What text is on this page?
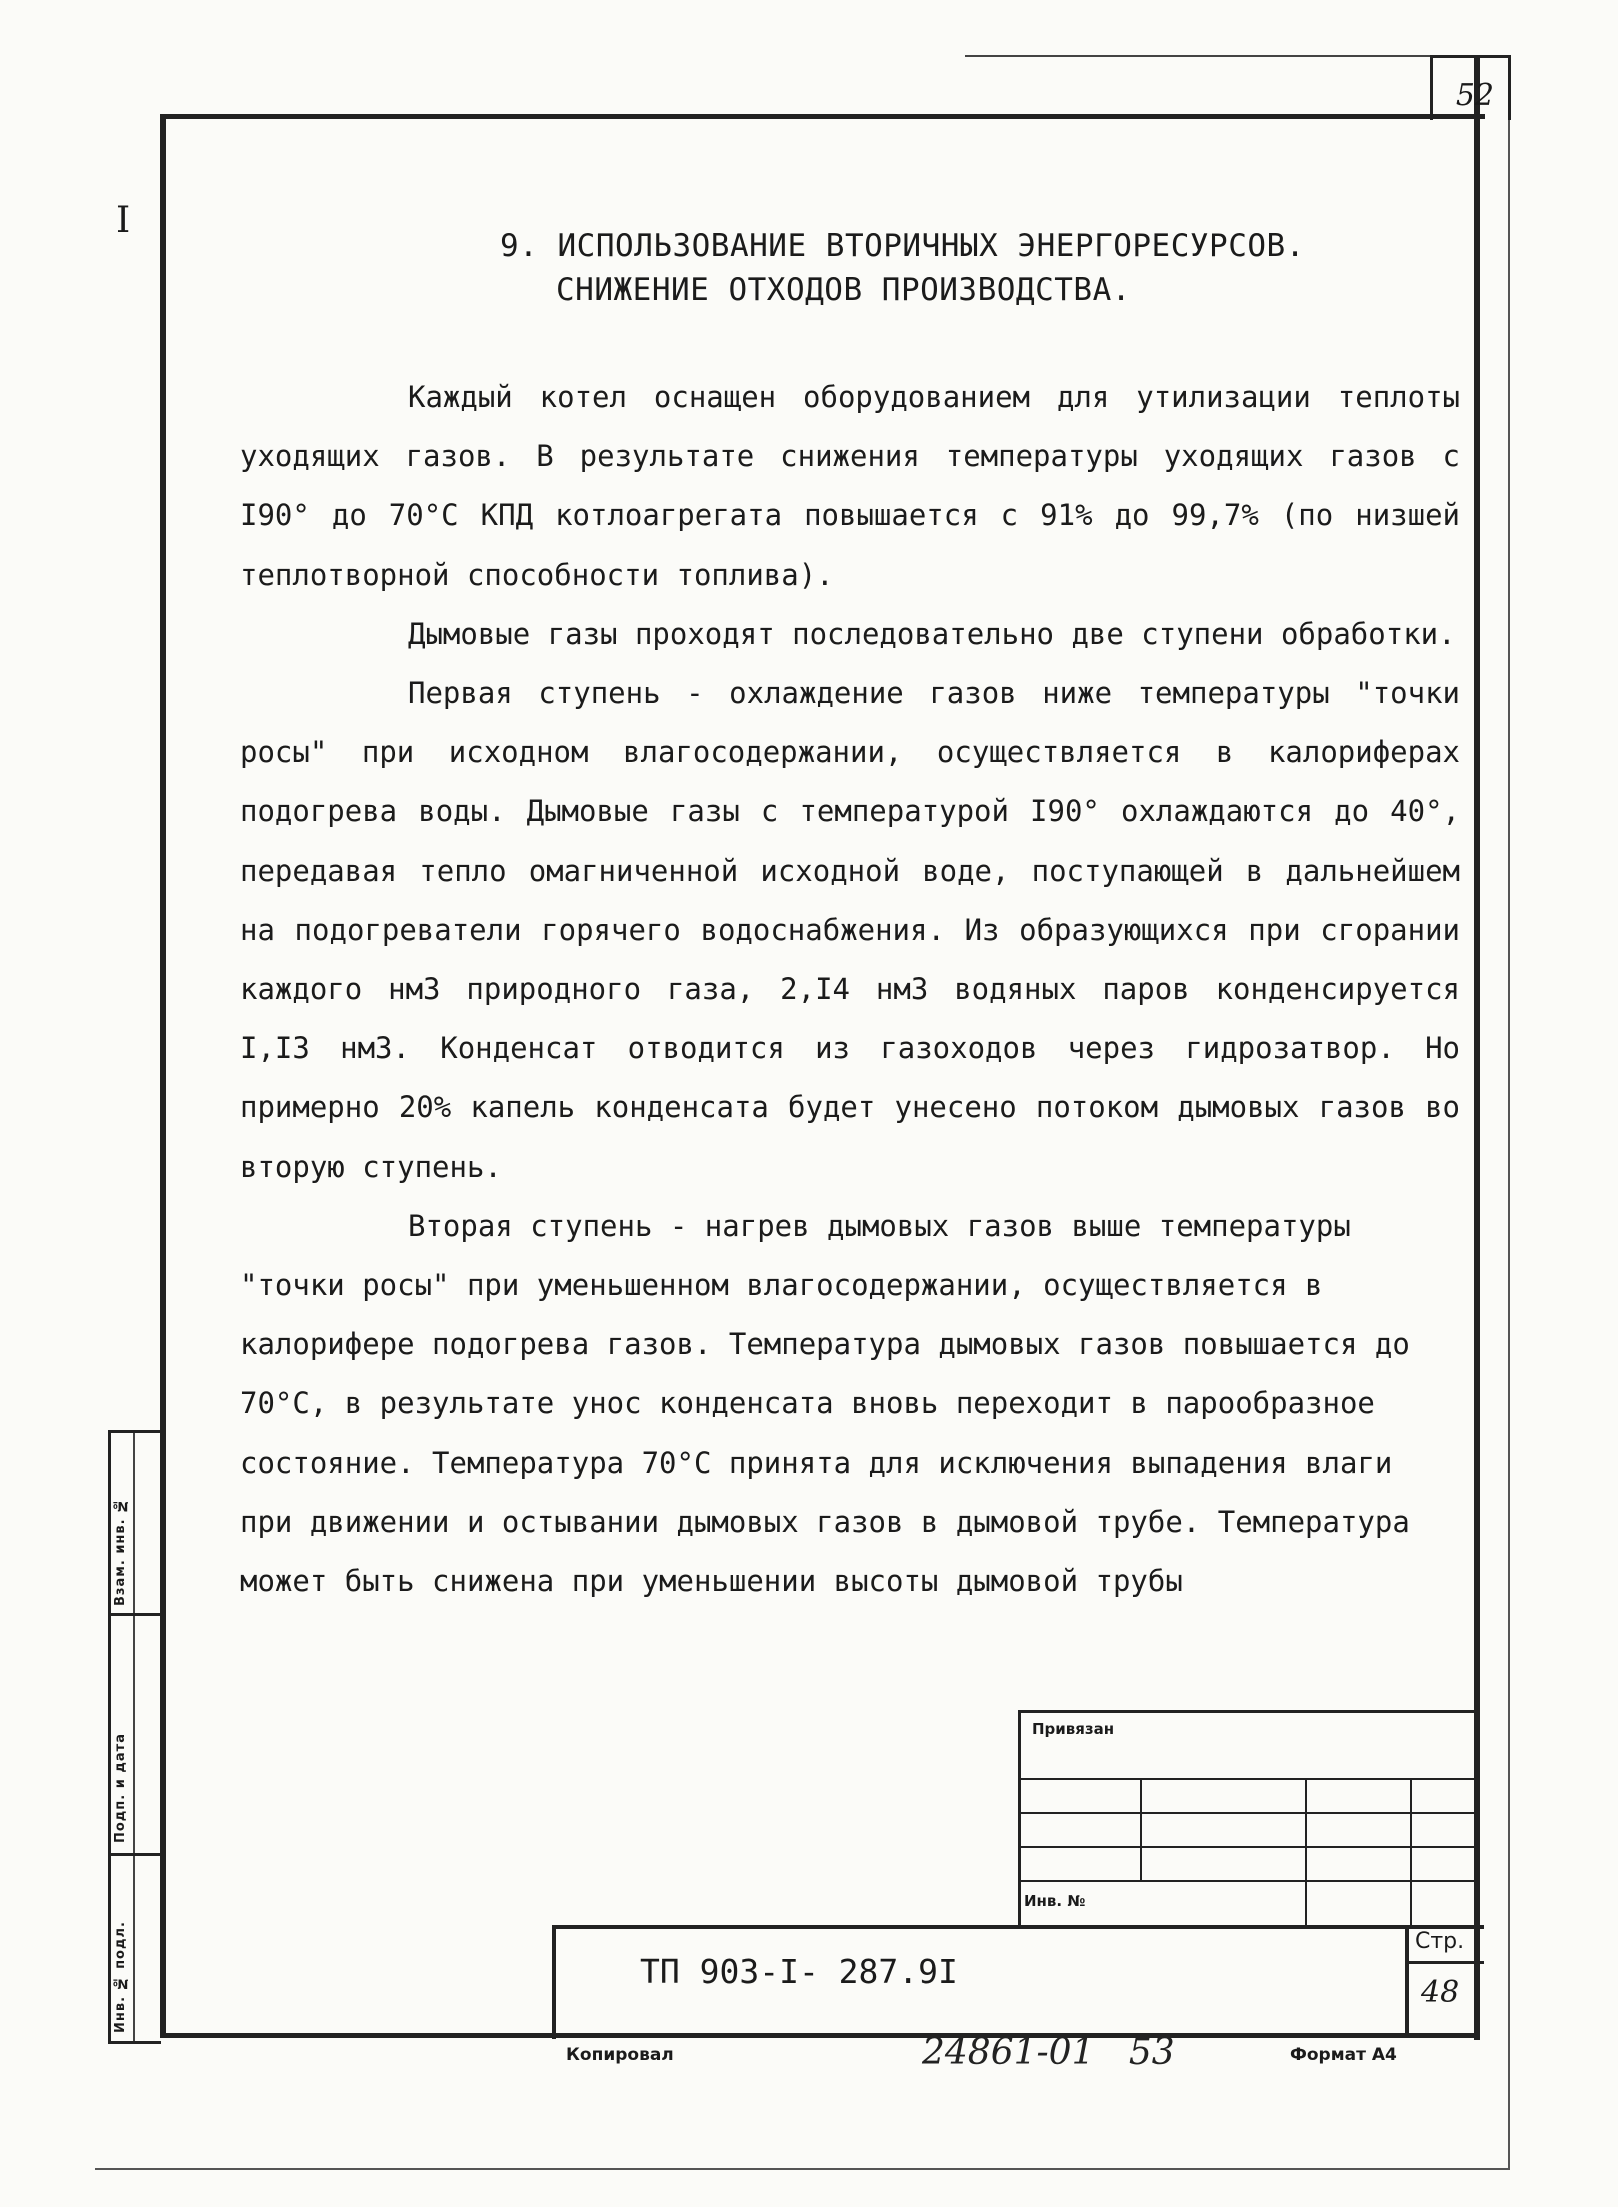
52
I
Взам. инв. №
Подп. и дата
Инв. № подл.
9. ИСПОЛЬЗОВАНИЕ ВТОРИЧНЫХ ЭНЕРГОРЕСУРСОВ.
СНИЖЕНИЕ ОТХОДОВ ПРОИЗВОДСТВА.

Каждый котел оснащен оборудованием для утилизации теплоты уходящих газов. В результате снижения температуры уходящих газов с I90° до 70°С КПД котлоагрегата повышается с 91% до 99,7% (по низшей теплотворной способности топлива).

Дымовые газы проходят последовательно две ступени обработки.

Первая ступень - охлаждение газов ниже температуры "точки росы" при исходном влагосодержании, осуществляется в калориферах подогрева воды. Дымовые газы с температурой I90° охлаждаются до 40°, передавая тепло омагниченной исходной воде, поступающей в дальнейшем на подогреватели горячего водоснабжения. Из образующихся при сгорании каждого нм3 природного газа, 2,I4 нм3 водяных паров конденсируется I,I3 нм3. Конденсат отводится из газоходов через гидрозатвор. Но примерно 20% капель конденсата будет унесено потоком дымовых газов во вторую ступень.

Вторая ступень - нагрев дымовых газов выше температуры "точки росы" при уменьшенном влагосодержании, осуществляется в калорифере подогрева газов. Температура дымовых газов повышается до 70°С, в результате унос конденсата вновь переходит в парообразное состояние. Температура 70°С принята для исключения выпадения влаги при движении и остывании дымовых газов в дымовой трубе. Температура может быть снижена при уменьшении высоты дымовой трубы

Привязан
Инв. №
ТП 903-I- 287.9I
Стр.
48
Копировал	24861-01   53	Формат А4
